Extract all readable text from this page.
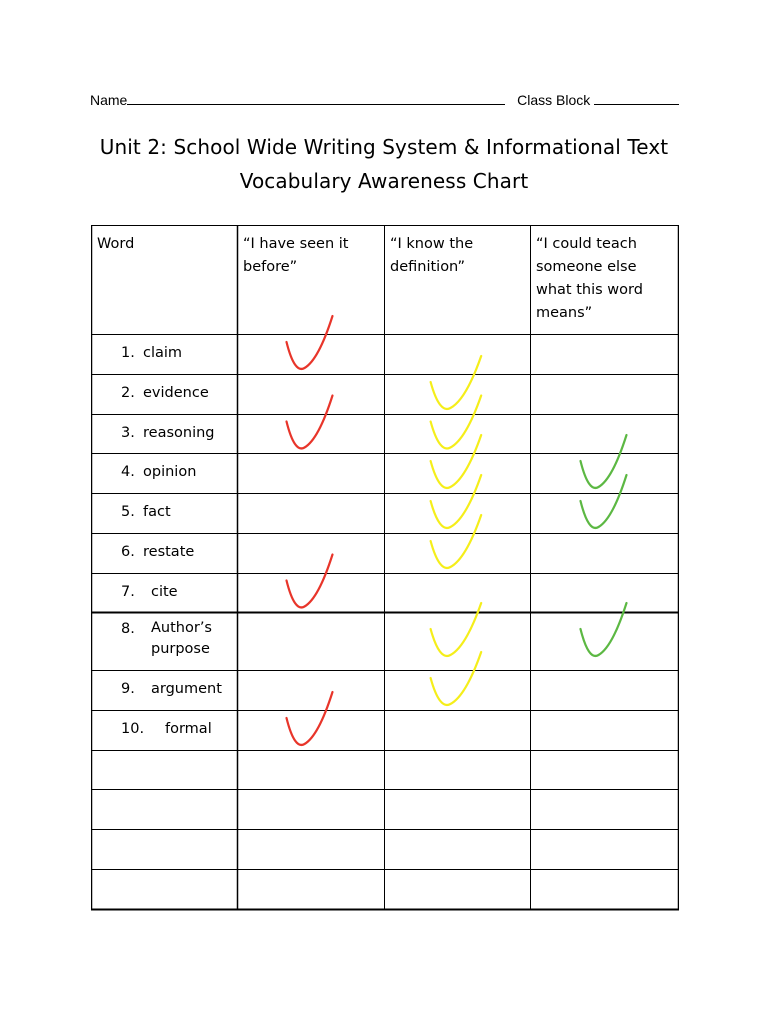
Name	Class Block
Unit 2: School Wide Writing System & Informational Text
Vocabulary Awareness Chart
Word	“I have seen it
before”
“I know the
definition”
“I could teach
someone else
what this word
means”
1. claim
2. evidence
3. reasoning
4. opinion
5. fact
6. restate
7. cite
8. Author’s purpose
9. argument
10. formal
